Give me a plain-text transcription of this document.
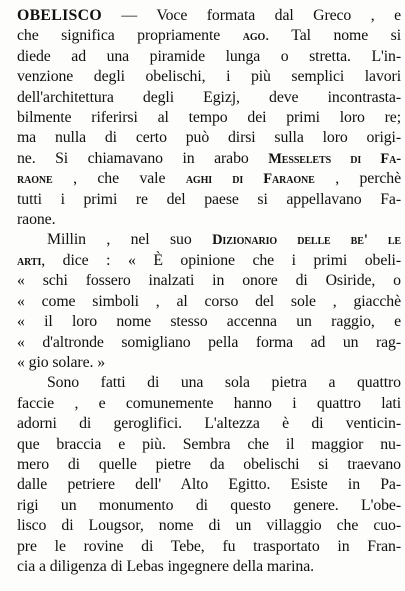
OBELISCO — Voce formata dal Greco , e
che significa propriamente ago. Tal nome si
diede ad una piramide lunga o stretta. L'in-
venzione degli obelischi, i più semplici lavori
dell'architettura degli Egizj, deve incontrasta-
bilmente riferirsi al tempo dei primi loro re;
ma nulla di certo può dirsi sulla loro origi-
ne. Si chiamavano in arabo Messelets di Fa-
raone , che vale aghi di Faraone , perchè
tutti i primi re del paese si appellavano Fa-
raone.
Millin , nel suo Dizionario delle be' le
arti, dice : « È opinione che i primi obeli-
« schi fossero inalzati in onore di Osiride, o
« come simboli , al corso del sole , giacchè
« il loro nome stesso accenna un raggio, e
« d'altronde somigliano pella forma ad un rag-
« gio solare. »
Sono fatti di una sola pietra a quattro
faccie , e comunemente hanno i quattro lati
adorni di geroglifici. L'altezza è di venticin-
que braccia e più. Sembra che il maggior nu-
mero di quelle pietre da obelischi si traevano
dalle petriere dell' Alto Egitto. Esiste in Pa-
rigi un monumento di questo genere. L'obe-
lisco di Lougsor, nome di un villaggio che cuo-
pre le rovine di Tebe, fu trasportato in Fran-
cia a diligenza di Lebas ingegnere della marina.
